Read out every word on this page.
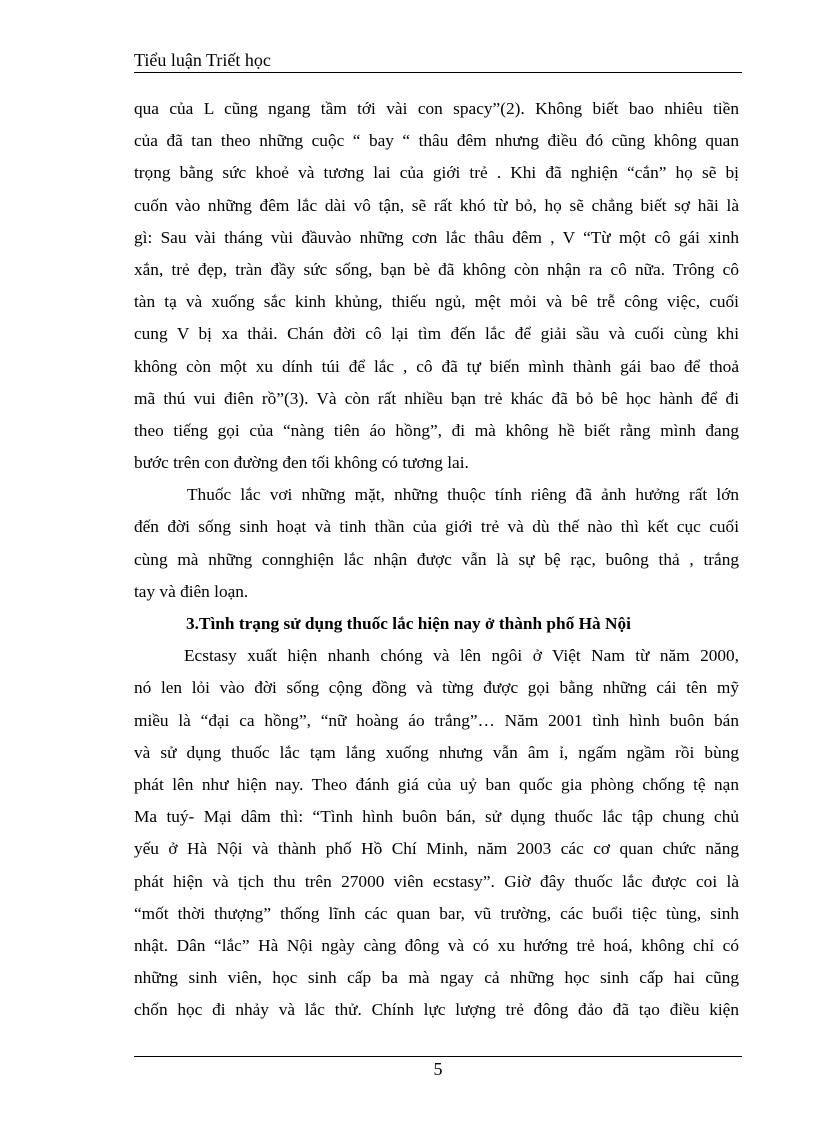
Tiểu luận Triết học
qua của L cũng ngang tầm tới vài con spacy”(2). Không biết bao nhiêu tiền
của đã tan theo những cuộc “ bay “ thâu đêm nhưng điều đó cũng không quan
trọng bằng sức khoẻ và tương lai của giới trẻ . Khi đã nghiện “cắn” họ sẽ bị
cuốn vào những đêm lắc dài vô tận, sẽ rất khó từ bỏ, họ sẽ chẳng biết sợ hãi là
gì: Sau vài tháng vùi đầuvào những cơn lắc thâu đêm , V “Từ một cô gái xinh
xắn, trẻ đẹp, tràn đầy sức sống, bạn bè đã không còn nhận ra cô nữa. Trông cô
tàn tạ và xuống sắc kinh khủng, thiếu ngủ, mệt mỏi và bê trễ công việc, cuối
cung V bị xa thải. Chán đời cô lại tìm đến lắc để giải sầu và cuối cùng khi
không còn một xu dính túi để lắc , cô đã tự biến mình thành gái bao để thoả
mã thú vui điên rồ”(3). Và còn rất nhiều bạn trẻ khác đã bỏ bê học hành để đi
theo tiếng gọi của “nàng tiên áo hồng”, đi mà không hề biết rằng mình đang
bước trên con đường đen tối không có tương lai.
Thuốc lắc vơi những mặt, những thuộc tính riêng đã ảnh hưởng rất lớn
đến đời sống sinh hoạt và tinh thần của giới trẻ và dù thế nào thì kết cục cuối
cùng mà những connghiện lắc nhận được vẫn là sự bệ rạc, buông thả , trắng
tay và điên loạn.
3.Tình trạng sử dụng thuốc lắc hiện nay ở thành phố Hà Nội
Ecstasy xuất hiện nhanh chóng và lên ngôi ở Việt Nam từ năm 2000,
nó len lỏi vào đời sống cộng đồng và từng được gọi bằng những cái tên mỹ
miều là “đại ca hồng”, “nữ hoàng áo trắng”… Năm 2001 tình hình buôn bán
và sử dụng thuốc lắc tạm lắng xuống nhưng vẫn âm ỉ, ngấm ngầm rồi bùng
phát lên như hiện nay. Theo đánh giá của uỷ ban quốc gia phòng chống tệ nạn
Ma tuý- Mại dâm thì: “Tình hình buôn bán, sử dụng thuốc lắc tập chung chủ
yếu ở Hà Nội và thành phố Hồ Chí Minh, năm 2003 các cơ quan chức năng
phát hiện và tịch thu trên 27000 viên ecstasy”. Giờ đây thuốc lắc được coi là
“mốt thời thượng” thống lĩnh các quan bar, vũ trường, các buổi tiệc tùng, sinh
nhật. Dân “lắc” Hà Nội ngày càng đông và có xu hướng trẻ hoá, không chỉ có
những sinh viên, học sinh cấp ba mà ngay cả những học sinh cấp hai cũng
chốn học đi nhảy và lắc thử. Chính lực lượng trẻ đông đảo đã tạo điều kiện
5
